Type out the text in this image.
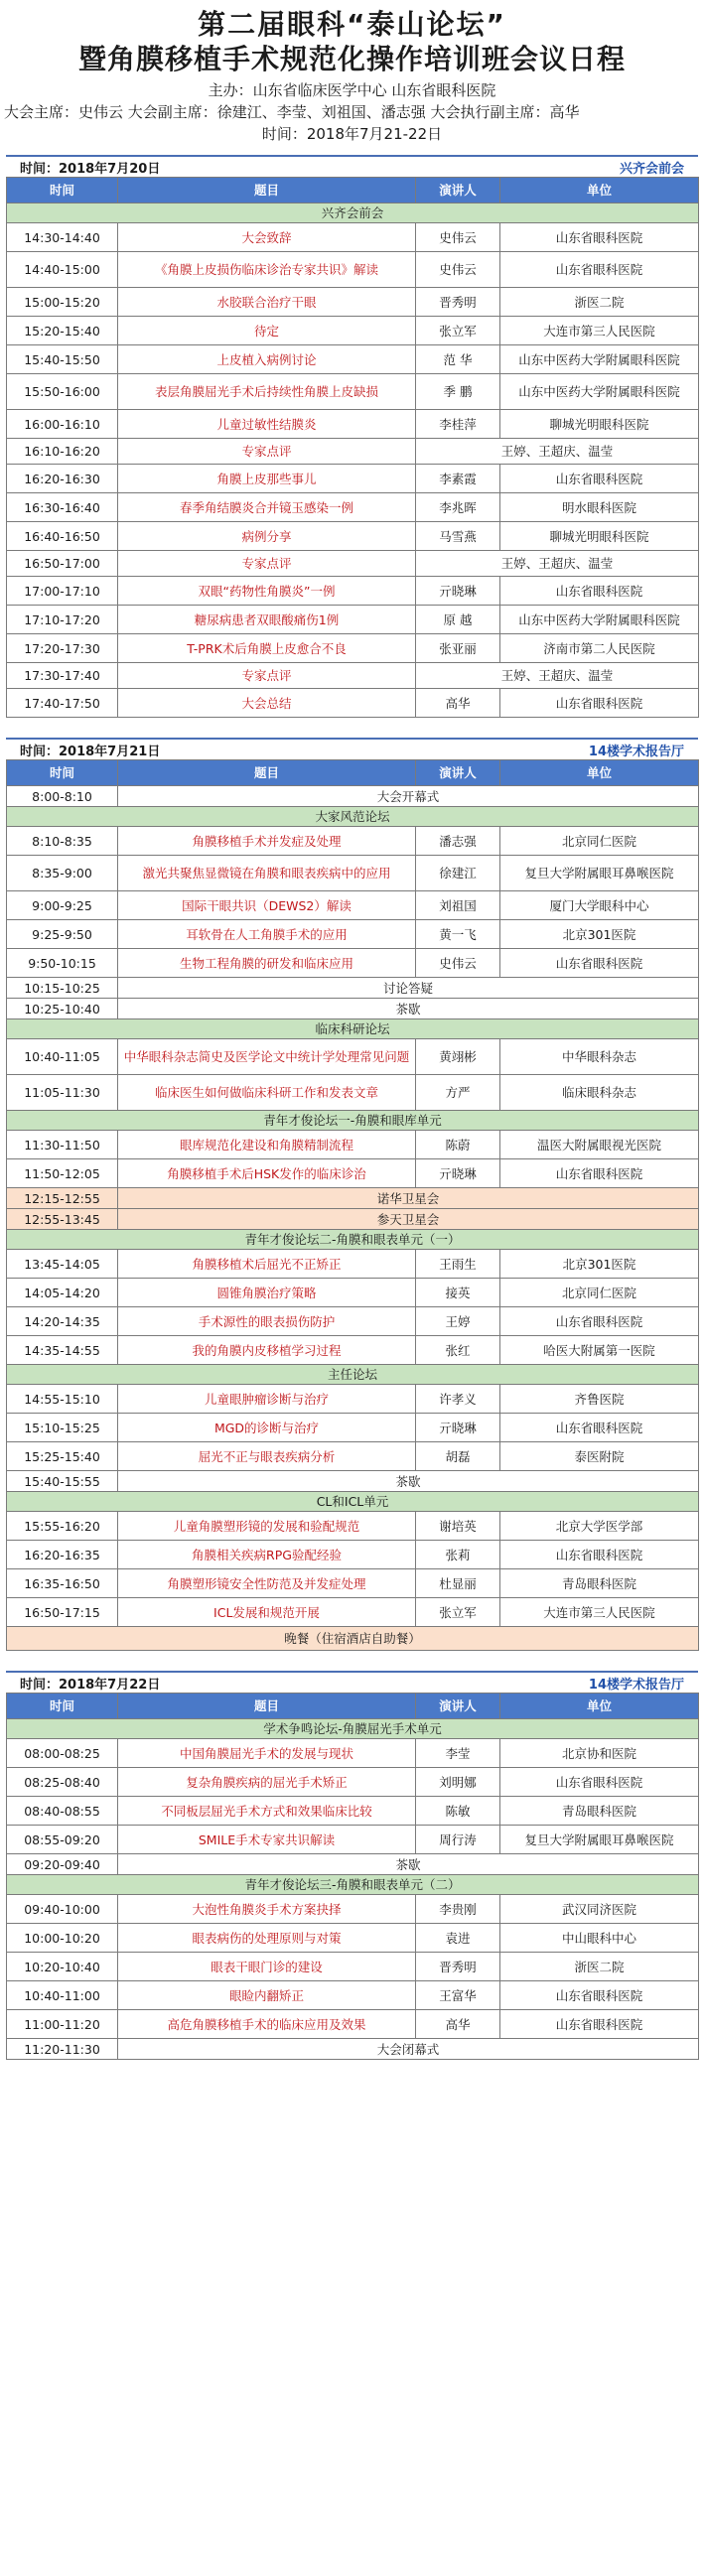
第二届眼科“泰山论坛”
暨角膜移植手术规范化操作培训班会议日程
主办：山东省临床医学中心 山东省眼科医院
大会主席：史伟云 大会副主席：徐建江、李莹、刘祖国、潘志强 大会执行副主席：高华
时间：2018年7月21-22日
时间：2018年7月20日	兴齐会前会
时间	题目	演讲人	单位
兴齐会前会			
14:30-14:40	大会致辞	史伟云	山东省眼科医院
14:40-15:00	《角膜上皮损伤临床诊治专家共识》解读	史伟云	山东省眼科医院
15:00-15:20	水胶联合治疗干眼	晋秀明	浙医二院
15:20-15:40	待定	张立军	大连市第三人民医院
15:40-15:50	上皮植入病例讨论	范 华	山东中医药大学附属眼科医院
15:50-16:00	表层角膜屈光手术后持续性角膜上皮缺损	季 鹏	山东中医药大学附属眼科医院
16:00-16:10	儿童过敏性结膜炎	李桂萍	聊城光明眼科医院
16:10-16:20	专家点评	王婷、王超庆、温莹	
16:20-16:30	角膜上皮那些事儿	李素霞	山东省眼科医院
16:30-16:40	春季角结膜炎合并镜玉感染一例	李兆晖	明水眼科医院
16:40-16:50	病例分享	马雪燕	聊城光明眼科医院
16:50-17:00	专家点评	王婷、王超庆、温莹	
17:00-17:10	双眼“药物性角膜炎”一例	亓晓琳	山东省眼科医院
17:10-17:20	糖尿病患者双眼酸痛伤1例	原 越	山东中医药大学附属眼科医院
17:20-17:30	T-PRK术后角膜上皮愈合不良	张亚丽	济南市第二人民医院
17:30-17:40	专家点评	王婷、王超庆、温莹	
17:40-17:50	大会总结	高华	山东省眼科医院
时间：2018年7月21日	14楼学术报告厅
时间	题目	演讲人	单位
8:00-8:10	大会开幕式		
大家风范论坛			
8:10-8:35	角膜移植手术并发症及处理	潘志强	北京同仁医院
8:35-9:00	激光共聚焦显微镜在角膜和眼表疾病中的应用	徐建江	复旦大学附属眼耳鼻喉医院
9:00-9:25	国际干眼共识（DEWS2）解读	刘祖国	厦门大学眼科中心
9:25-9:50	耳软骨在人工角膜手术的应用	黄一飞	北京301医院
9:50-10:15	生物工程角膜的研发和临床应用	史伟云	山东省眼科医院
10:15-10:25	讨论答疑		
10:25-10:40	茶歇		
临床科研论坛			
10:40-11:05	中华眼科杂志简史及医学论文中统计学处理常见问题	黄翊彬	中华眼科杂志
11:05-11:30	临床医生如何做临床科研工作和发表文章	方严	临床眼科杂志
青年才俊论坛一-角膜和眼库单元			
11:30-11:50	眼库规范化建设和角膜精制流程	陈蔚	温医大附属眼视光医院
11:50-12:05	角膜移植手术后HSK发作的临床诊治	亓晓琳	山东省眼科医院
12:15-12:55	诺华卫星会		
12:55-13:45	参天卫星会		
青年才俊论坛二-角膜和眼表单元（一）			
13:45-14:05	角膜移植术后屈光不正矫正	王雨生	北京301医院
14:05-14:20	圆锥角膜治疗策略	接英	北京同仁医院
14:20-14:35	手术源性的眼表损伤防护	王婷	山东省眼科医院
14:35-14:55	我的角膜内皮移植学习过程	张红	哈医大附属第一医院
主任论坛			
14:55-15:10	儿童眼肿瘤诊断与治疗	许孝义	齐鲁医院
15:10-15:25	MGD的诊断与治疗	亓晓琳	山东省眼科医院
15:25-15:40	屈光不正与眼表疾病分析	胡磊	泰医附院
15:40-15:55	茶歇		
CL和ICL单元			
15:55-16:20	儿童角膜塑形镜的发展和验配规范	谢培英	北京大学医学部
16:20-16:35	角膜相关疾病RPG验配经验	张莉	山东省眼科医院
16:35-16:50	角膜塑形镜安全性防范及并发症处理	杜显丽	青岛眼科医院
16:50-17:15	ICL发展和规范开展	张立军	大连市第三人民医院
晚餐（住宿酒店自助餐）			
时间：2018年7月22日	14楼学术报告厅
时间	题目	演讲人	单位
学术争鸣论坛-角膜屈光手术单元			
08:00-08:25	中国角膜屈光手术的发展与现状	李莹	北京协和医院
08:25-08:40	复杂角膜疾病的屈光手术矫正	刘明娜	山东省眼科医院
08:40-08:55	不同板层屈光手术方式和效果临床比较	陈敏	青岛眼科医院
08:55-09:20	SMILE手术专家共识解读	周行涛	复旦大学附属眼耳鼻喉医院
09:20-09:40	茶歇		
青年才俊论坛三-角膜和眼表单元（二）			
09:40-10:00	大泡性角膜炎手术方案抉择	李贵刚	武汉同济医院
10:00-10:20	眼表病伤的处理原则与对策	袁进	中山眼科中心
10:20-10:40	眼表干眼门诊的建设	晋秀明	浙医二院
10:40-11:00	眼睑内翻矫正	王富华	山东省眼科医院
11:00-11:20	高危角膜移植手术的临床应用及效果	高华	山东省眼科医院
11:20-11:30	大会闭幕式		
